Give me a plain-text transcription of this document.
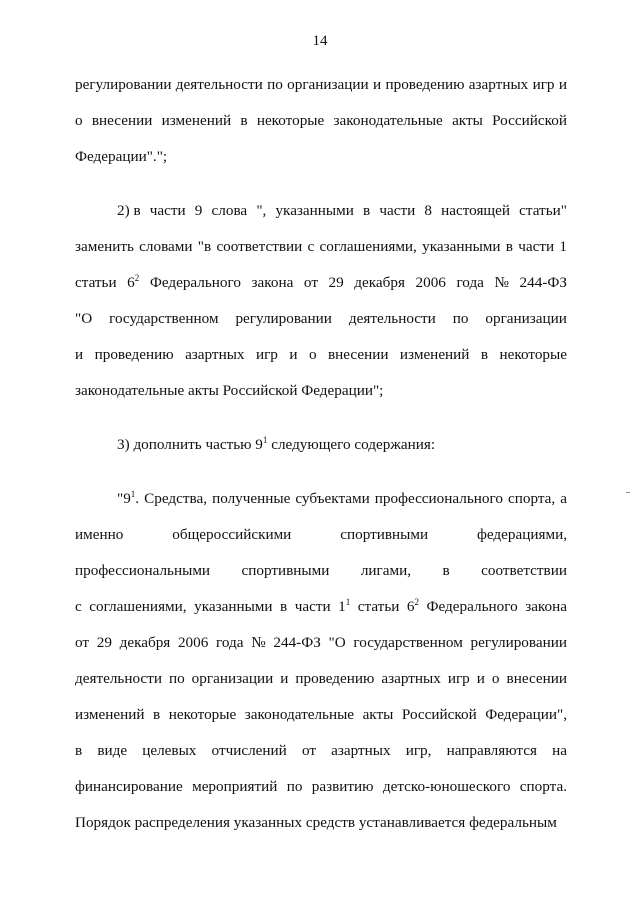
14
регулировании деятельности по организации и проведению азартных игр и
о внесении изменений в некоторые законодательные акты Российской
Федерации".";
2) в части 9 слова ", указанными в части 8 настоящей статьи"
заменить словами "в соответствии с соглашениями, указанными в части 1
статьи $6^2$ Федерального закона от 29 декабря 2006 года № 244-ФЗ
"О государственном регулировании деятельности по организации
и проведению азартных игр и о внесении изменений в некоторые
законодательные акты Российской Федерации";
3) дополнить частью $9^1$ следующего содержания:
"$9^1$. Средства, полученные субъектами профессионального спорта, а
именно	общероссийскими	спортивными	федерациями,
профессиональными спортивными лигами, в соответствии
с соглашениями, указанными в части $1^1$ статьи $6^2$ Федерального закона
от 29 декабря 2006 года № 244-ФЗ "О государственном регулировании
деятельности по организации и проведению азартных игр и о внесении
изменений в некоторые законодательные акты Российской Федерации",
в виде целевых отчислений от азартных игр, направляются на
финансирование мероприятий по развитию детско-юношеского спорта.
Порядок распределения указанных средств устанавливается федеральным
